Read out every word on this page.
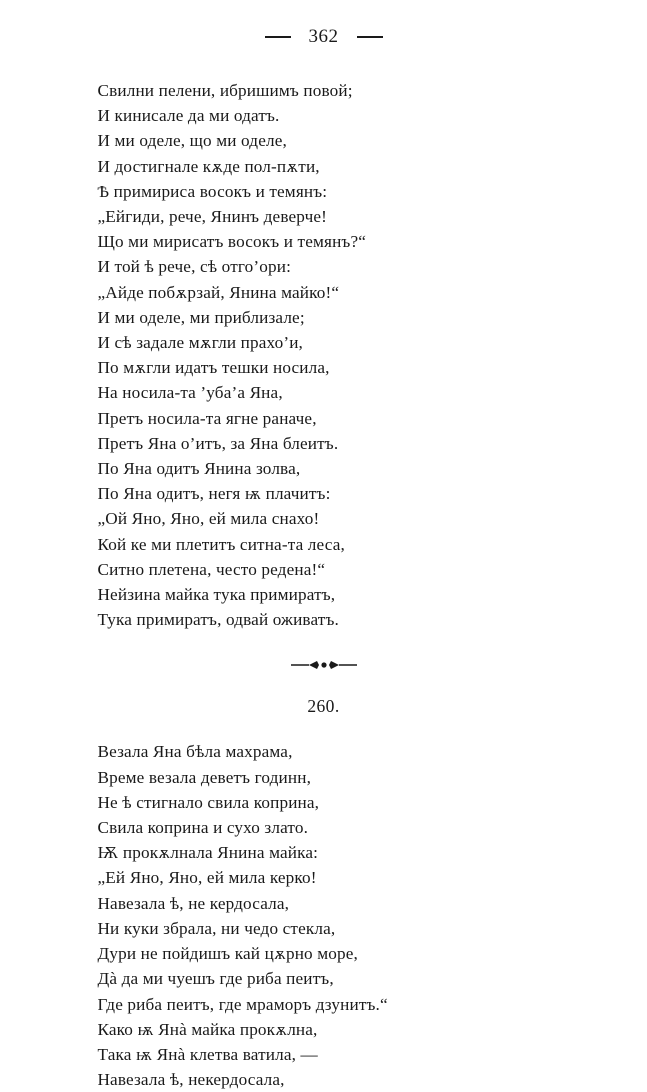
362
Свилни пелени, ибришимъ повой;
И кинисале да ми одатъ.
И ми оделе, що ми оделе,
И достигнале кѫде пол-пѫти,
Ѣ примириса восокъ и темянъ:
„Ейгиди, рече, Янинъ деверче!
Що ми мирисатъ восокъ и темянъ?“
И той ѣ рече, сѣ отго’ори:
„Айде побѫрзай, Янина майко!“
И ми оделе, ми приблизале;
И сѣ задале мѫгли прахо’и,
По мѫгли идатъ тешки носила,
На носила-та ’уба’а Яна,
Претъ носила-та ягне раначе,
Претъ Яна о’итъ, за Яна блеитъ.
По Яна одитъ Янина золва,
По Яна одитъ, негя ѭ плачитъ:
„Ой Яно, Яно, ей мила снахо!
Кой ке ми плетитъ ситна-та леса,
Ситно плетена, често редена!“
Нейзина майка тука примиратъ,
Тука примиратъ, одвай оживатъ.
260.
Везала Яна бѣла махрама,
Време везала деветъ годинн,
Не ѣ стигнало свила коприна,
Свила коприна и сухо злато.
Ѭ прокѫлнала Янина майка:
„Ей Яно, Яно, ей мила керко!
Навезала ѣ, не кердосала,
Ни куки збрала, ни чедо стекла,
Дури не пойдишъ кай цѫрно море,
Дà да ми чуешъ где риба пеитъ,
Где риба пеитъ, где мраморъ дзунитъ.“
Како ѭ Янà майка прокѫлна,
Така ѭ Янà клетва ватила, —
Навезала ѣ, некердосала,
